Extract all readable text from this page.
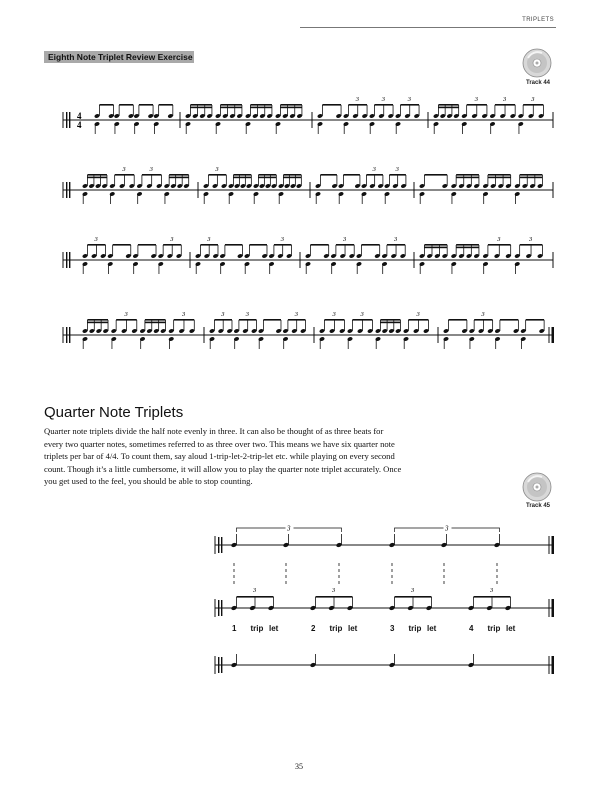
TRIPLETS
Eighth Note Triplet Review Exercise
Track 44
4
4
3	3	3	3	3	3
3	3	3	3	3
3	3	3	3	3	3	3	3
3	3	3	3	3	3	3	3	3
Quarter Note Triplets

Quarter note triplets divide the half note evenly in three. It can also be thought of as three beats for every two quarter notes, sometimes referred to as three over two. This means we have six quarter note triplets per bar of 4/4. To count them, say aloud 1-trip-let-2-trip-let etc. while playing on every second count. Though it’s a little cumbersome, it will allow you to play the quarter note triplet accurately. Once you get used to the feel, you should be able to stop counting.

Track 45
3	3
3	3	3	3
1 trip let	2 trip let	3 trip let	4 trip let
35
